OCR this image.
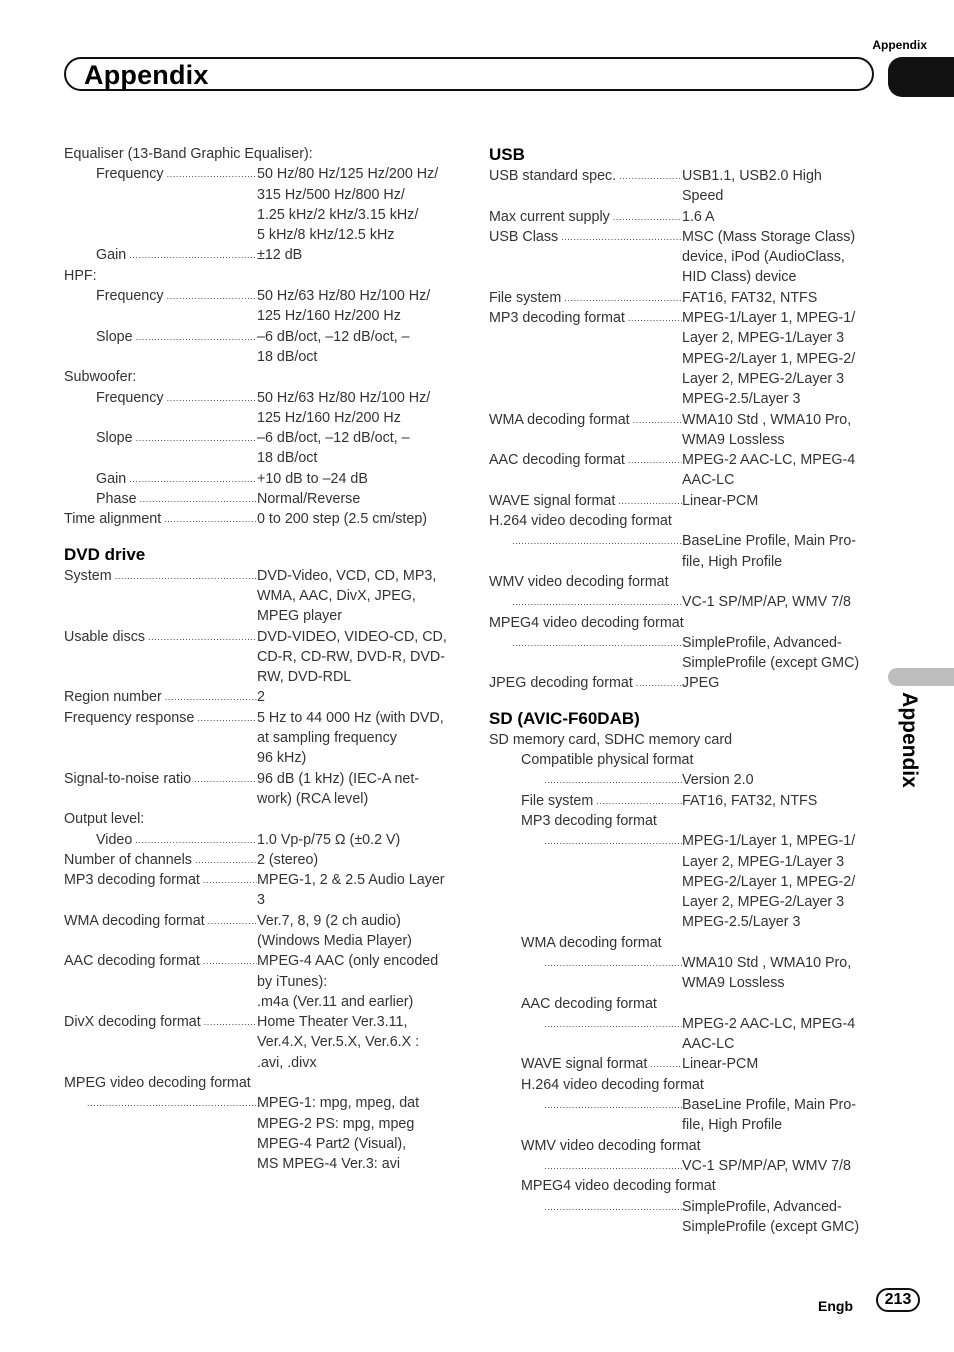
Appendix
Appendix
Appendix
Equaliser (13-Band Graphic Equaliser):
Frequency .....	50 Hz/80 Hz/125 Hz/200 Hz/
315 Hz/500 Hz/800 Hz/
1.25 kHz/2 kHz/3.15 kHz/
5 kHz/8 kHz/12.5 kHz
Gain .....	±12 dB
HPF:
Frequency .....	50 Hz/63 Hz/80 Hz/100 Hz/
125 Hz/160 Hz/200 Hz
Slope .....	–6 dB/oct, –12 dB/oct, –
18 dB/oct
Subwoofer:
Frequency .....	50 Hz/63 Hz/80 Hz/100 Hz/
125 Hz/160 Hz/200 Hz
Slope .....	–6 dB/oct, –12 dB/oct, –
18 dB/oct
Gain .....	+10 dB to –24 dB
Phase .....	Normal/Reverse
Time alignment .....	0 to 200 step (2.5 cm/step)
DVD drive
System .....	DVD-Video, VCD, CD, MP3,
WMA, AAC, DivX, JPEG,
MPEG player
Usable discs .....	DVD-VIDEO, VIDEO-CD, CD,
CD-R, CD-RW, DVD-R, DVD-
RW, DVD-RDL
Region number .....	2
Frequency response .....	5 Hz to 44 000 Hz (with DVD,
at sampling frequency
96 kHz)
Signal-to-noise ratio .....	96 dB (1 kHz) (IEC-A net-
work) (RCA level)
Output level:
Video .....	1.0 Vp-p/75 Ω (±0.2 V)
Number of channels .....	2 (stereo)
MP3 decoding format .....	MPEG-1, 2 & 2.5 Audio Layer
3
WMA decoding format .....	Ver.7, 8, 9 (2 ch audio)
(Windows Media Player)
AAC decoding format .....	MPEG-4 AAC (only encoded
by iTunes):
.m4a (Ver.11 and earlier)
DivX decoding format .....	Home Theater Ver.3.11,
Ver.4.X, Ver.5.X, Ver.6.X :
.avi, .divx
MPEG video decoding format
.....
MPEG-1: mpg, mpeg, dat
MPEG-2 PS: mpg, mpeg
MPEG-4 Part2 (Visual),
MS MPEG-4 Ver.3: avi
USB
USB standard spec. .....	USB1.1, USB2.0 High
Speed
Max current supply .....	1.6 A
USB Class .....	MSC (Mass Storage Class)
device, iPod (AudioClass,
HID Class) device
File system .....	FAT16, FAT32, NTFS
MP3 decoding format .....	MPEG-1/Layer 1, MPEG-1/
Layer 2, MPEG-1/Layer 3
MPEG-2/Layer 1, MPEG-2/
Layer 2, MPEG-2/Layer 3
MPEG-2.5/Layer 3
WMA decoding format .....	WMA10 Std , WMA10 Pro,
WMA9 Lossless
AAC decoding format .....	MPEG-2 AAC-LC, MPEG-4
AAC-LC
WAVE signal format .....	Linear-PCM
H.264 video decoding format
.....
BaseLine Profile, Main Pro-
file, High Profile
WMV video decoding format
.....
VC-1 SP/MP/AP, WMV 7/8
MPEG4 video decoding format
.....
SimpleProfile, Advanced-
SimpleProfile (except GMC)
JPEG decoding format .....	JPEG
SD (AVIC-F60DAB)
SD memory card, SDHC memory card
Compatible physical format
.....
Version 2.0
File system .....	FAT16, FAT32, NTFS
MP3 decoding format
.....
MPEG-1/Layer 1, MPEG-1/
Layer 2, MPEG-1/Layer 3
MPEG-2/Layer 1, MPEG-2/
Layer 2, MPEG-2/Layer 3
MPEG-2.5/Layer 3
WMA decoding format
.....
WMA10 Std , WMA10 Pro,
WMA9 Lossless
AAC decoding format
.....
MPEG-2 AAC-LC, MPEG-4
AAC-LC
WAVE signal format ..... Linear-PCM
H.264 video decoding format
.....
BaseLine Profile, Main Pro-
file, High Profile
WMV video decoding format
.....
VC-1 SP/MP/AP, WMV 7/8
MPEG4 video decoding format
.....
SimpleProfile, Advanced-
SimpleProfile (except GMC)
Engb	213
